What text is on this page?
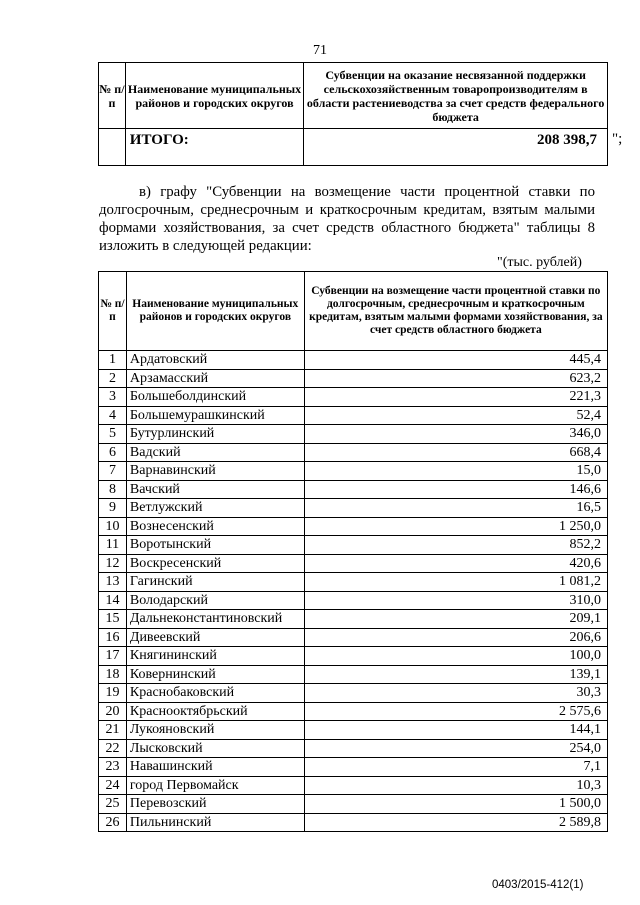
71
№ п/п	Наименование муниципальных районов и городских округов	Субвенции на оказание несвязанной поддержки сельскохозяйственным товаропроизводителям в области растениеводства за счет средств федерального бюджета
	ИТОГО:	208 398,7 ";

в) графу "Субвенции на возмещение части процентной ставки по долгосрочным, среднесрочным и краткосрочным кредитам, взятым малыми формами хозяйствования, за счет средств областного бюджета" таблицы 8 изложить в следующей редакции:

"(тыс. рублей)
№ п/п	Наименование муниципальных районов и городских округов	Субвенции на возмещение части процентной ставки по долгосрочным, среднесрочным и краткосрочным кредитам, взятым малыми формами хозяйствования, за счет средств областного бюджета
1	Ардатовский	445,4
2	Арзамасский	623,2
3	Большеболдинский	221,3
4	Большемурашкинский	52,4
5	Бутурлинский	346,0
6	Вадский	668,4
7	Варнавинский	15,0
8	Вачский	146,6
9	Ветлужский	16,5
10	Вознесенский	1 250,0
11	Воротынский	852,2
12	Воскресенский	420,6
13	Гагинский	1 081,2
14	Володарский	310,0
15	Дальнеконстантиновский	209,1
16	Дивеевский	206,6
17	Княгининский	100,0
18	Ковернинский	139,1
19	Краснобаковский	30,3
20	Краснооктябрьский	2 575,6
21	Лукояновский	144,1
22	Лысковский	254,0
23	Навашинский	7,1
24	город Первомайск	10,3
25	Перевозский	1 500,0
26	Пильнинский	2 589,8
0403/2015-412(1)
